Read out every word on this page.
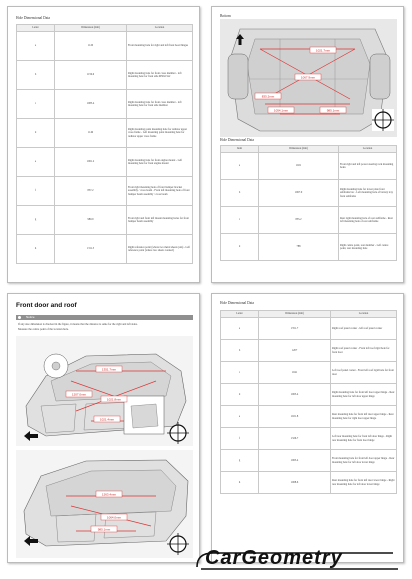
Hole Dimensional Data
Letter	Dimension (mm)	Location
a	1120	Front mounting hole for right and left front hood hinges
b	1159.6	Right mounting hole for front cross member - left mounting hole for front side Φ30x15x2
c	1083.4	Right mounting hole for front cross member - left mounting hole for front side member
d	1149	Right mounting point mounting hole for radiator upper cross frame - Left mounting point mounting hole for radiator upper cross frame
e	1061.2	Right mounting hole for front engine mount - Left mounting hole for front engine mount
f	857.2	Front right mounting hole of front bumper bracket assembly / cross beam - Front left mounting hole of front bumper beam assembly / cross beam
g	980.9	Front right and front left mount mounting holes for front bumper beam assembly
h	1311.3	Right reference point (where two metal sheets join) - Left reference point (where two sheets connect)
Bottom
1021.7mm
1067.9mm
835.2mm
1054.1mm	985.1mm
Hole Dimensional Data
Item	Dimension (mm)	Location
a	1021	Front right and left power steering rack mounting holes
b	1067.9	Right mounting hole for lower plate front subframe bar - Left mounting hole of battery tray front subframe
c	835.2	Rear right mounting hole of rear subframe - Rear left mounting hole of rear subframe
d	788	Right centre point, rear member - Left centre point, rear mounting hole
Front door and roof
Notice
If any size dimension is checked in the figure, it means that the distance is same for the right and left sides.
Measure the centre point of the location hole.
1351.7mm
1207.0mm
1021.8mm
1021.4mm
1263.4mm
1064.0mm
985.1mm
Hole Dimensional Data
Letter	Dimension (mm)	Location
a	1351.7	Right roof panel corner - left roof panel corner
b	1207	Right roof panel corner - Front left roof rigid hole for front door
c	1041	Left roof panel corner - Front left roof rigid hole for front door
d	1063.4	Right mounting hole for front left door upper hinge - Rear mounting hole for left door upper hinge
e	1021.8	Rear mounting hole for front left door upper hinge - Rear mounting hole for right door upper hinge
f	1326.7	Left rear mounting hole for front left door hinge - Right rear mounting hole for front door hinge
g	1063.4	Front mounting hole for front left door upper hinge - Rear mounting hole for left door lower hinge
h	1068.6	Rear mounting hole for front left door lower hinge - Right rear mounting hole for left door lower hinge
CarGeometry
